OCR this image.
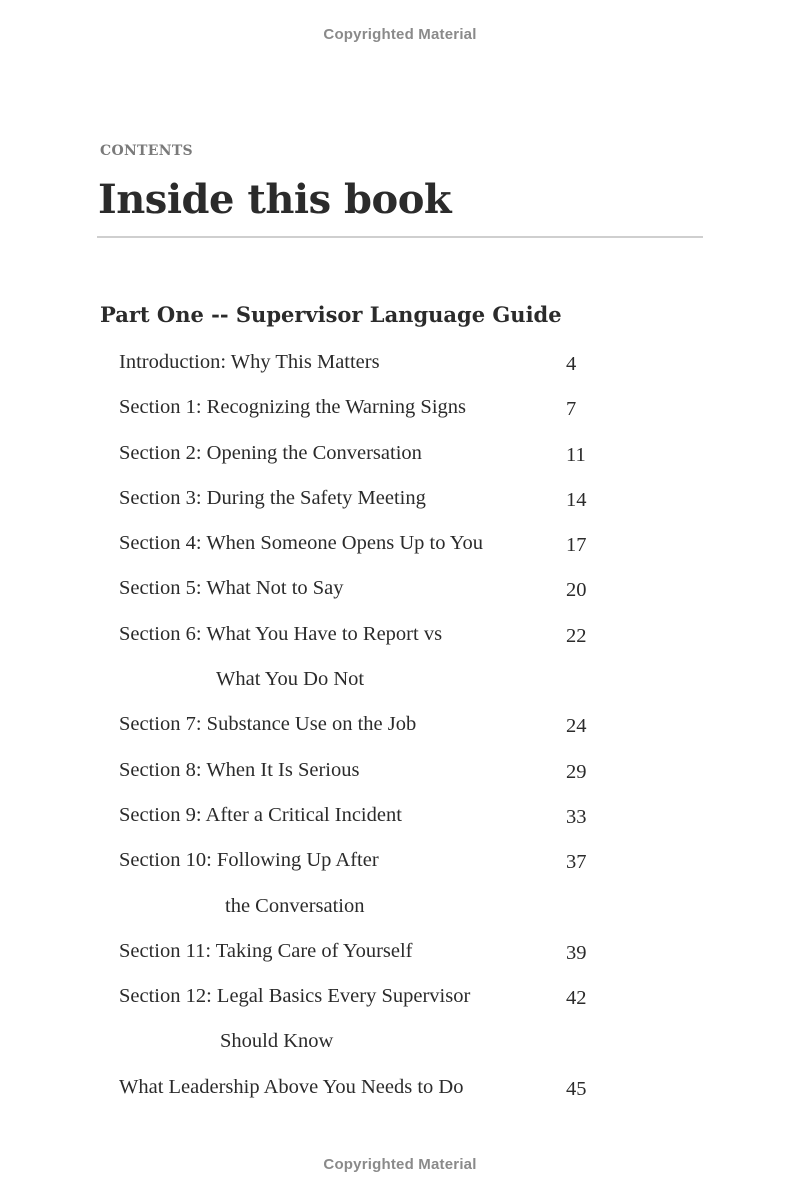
Copyrighted Material
CONTENTS
Inside this book
Part One -- Supervisor Language Guide
Introduction: Why This Matters	4
Section 1: Recognizing the Warning Signs	7
Section 2: Opening the Conversation	11
Section 3: During the Safety Meeting	14
Section 4: When Someone Opens Up to You	17
Section 5: What Not to Say	20
Section 6: What You Have to Report vs	22
What You Do Not
Section 7: Substance Use on the Job	24
Section 8: When It Is Serious	29
Section 9: After a Critical Incident	33
Section 10: Following Up After	37
the Conversation
Section 11: Taking Care of Yourself	39
Section 12: Legal Basics Every Supervisor	42
Should Know
What Leadership Above You Needs to Do	45
Copyrighted Material
